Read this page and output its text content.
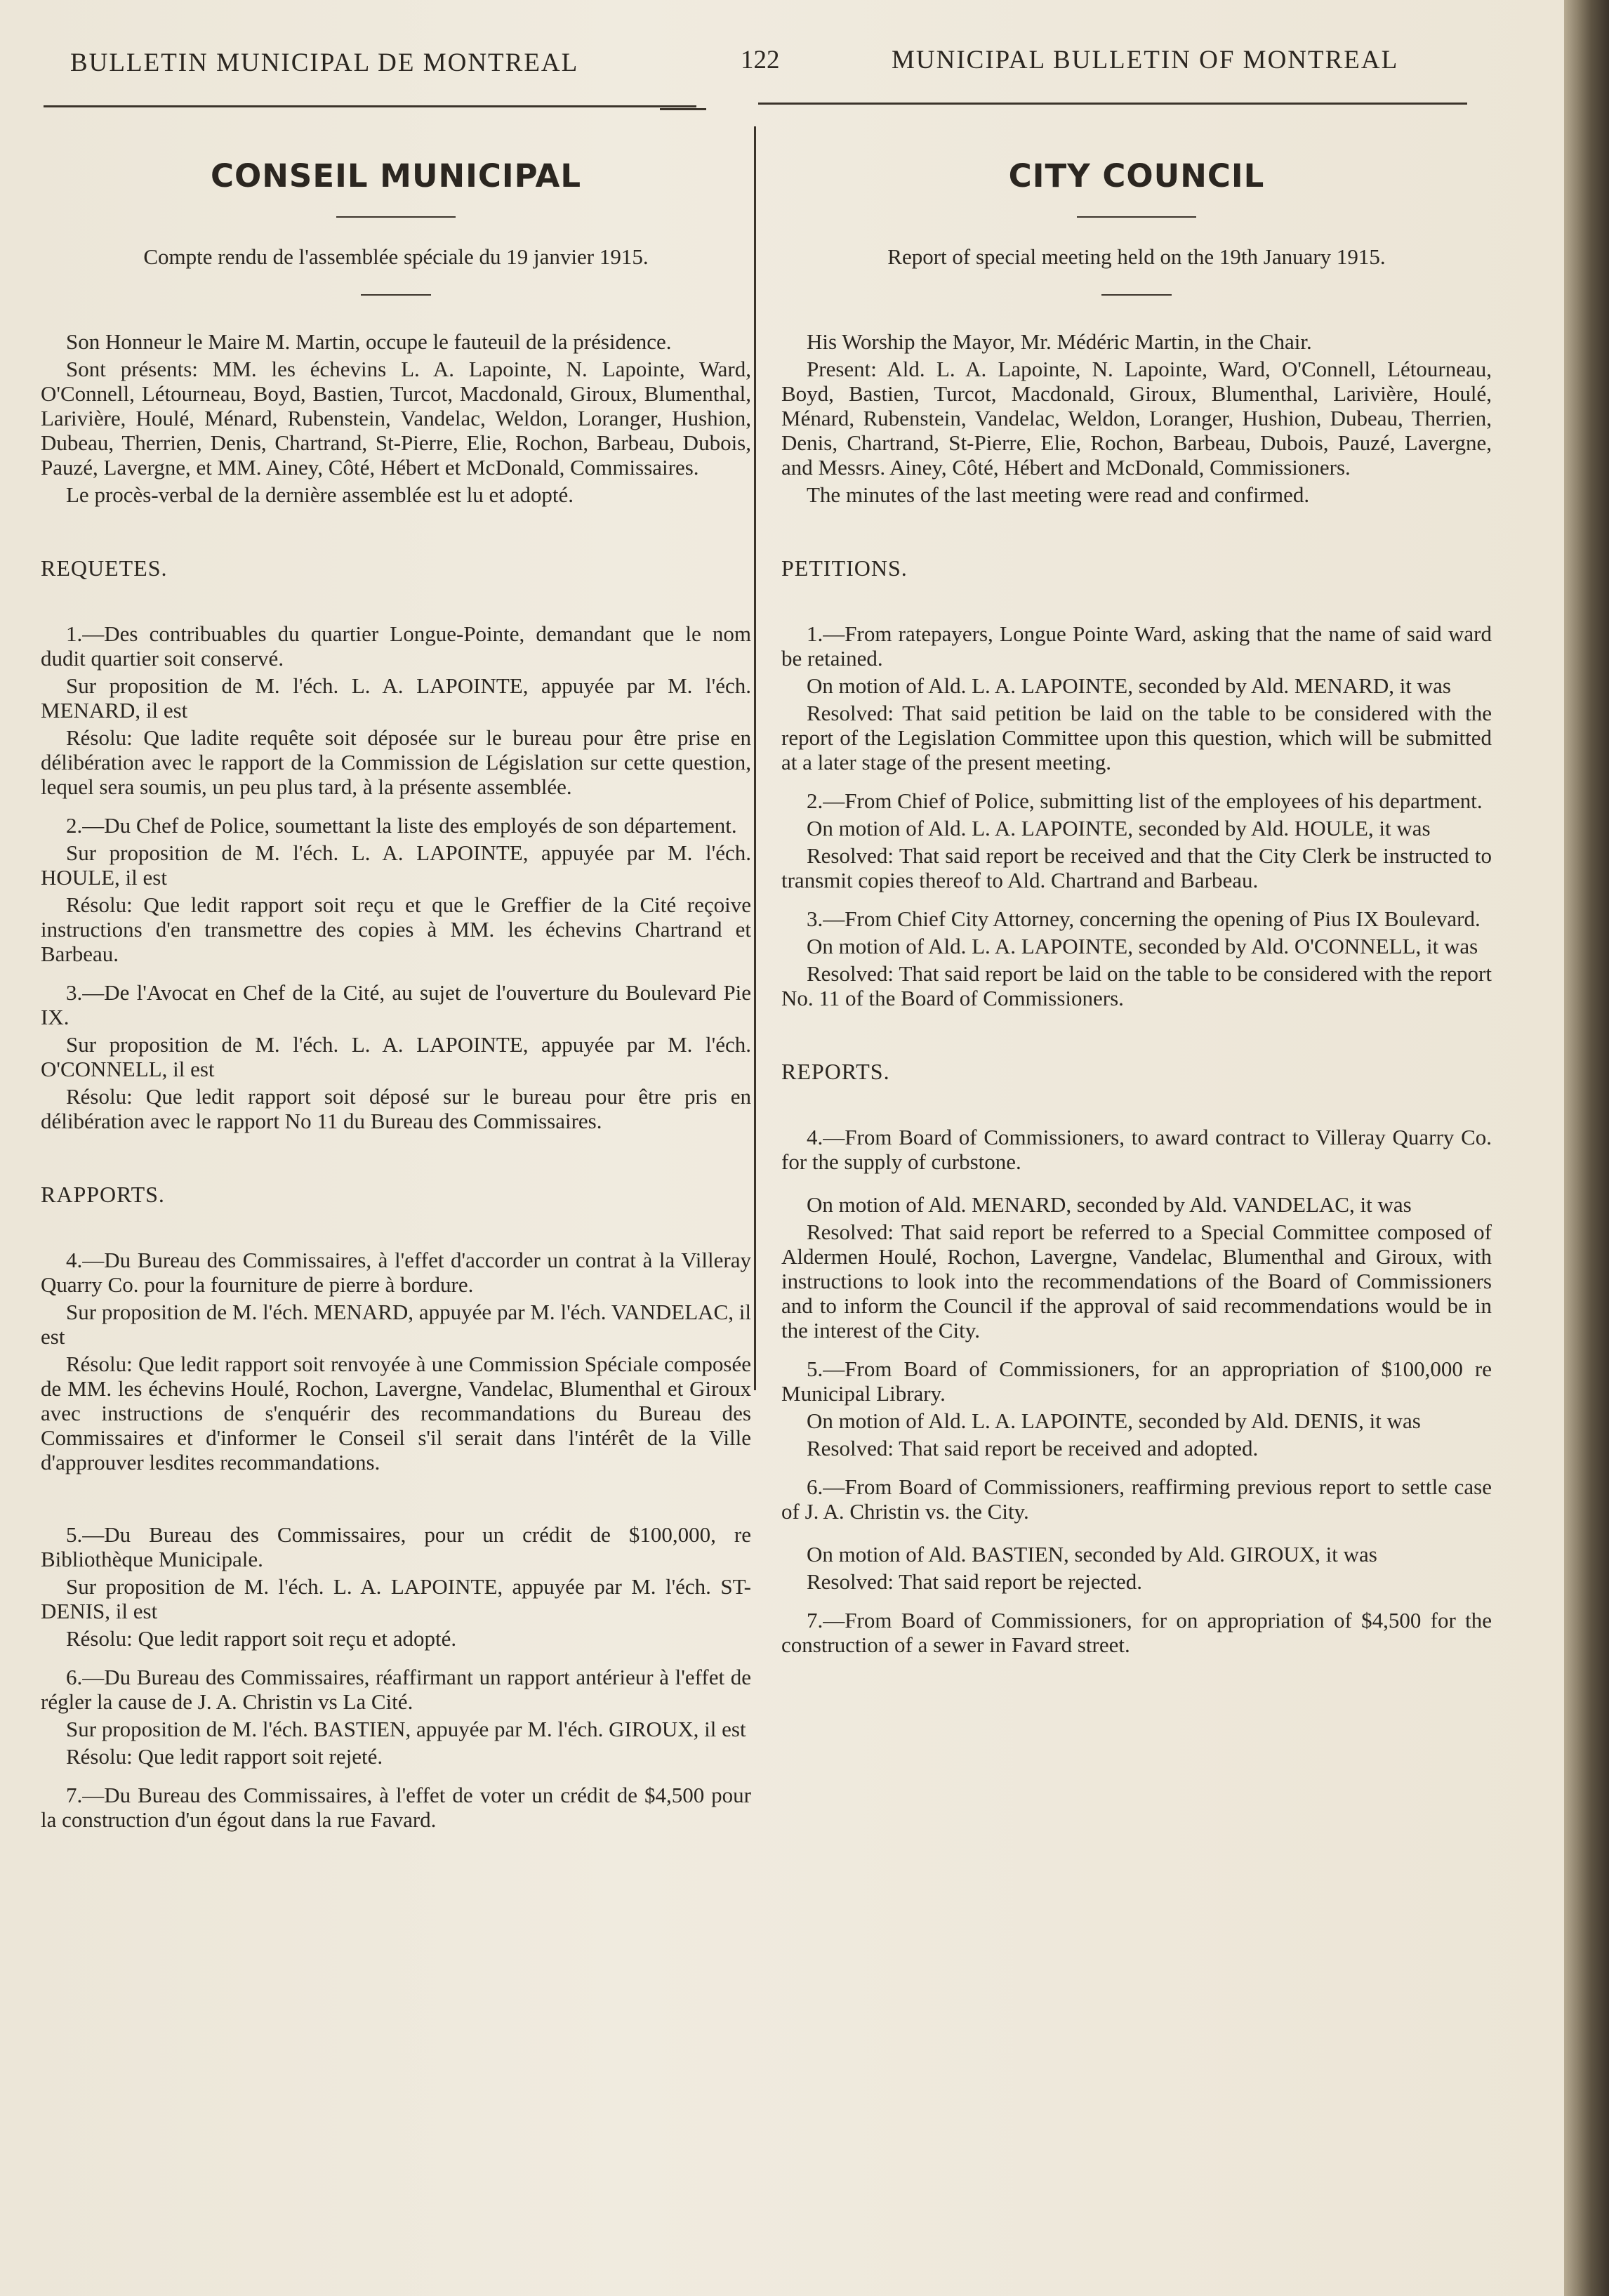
BULLETIN MUNICIPAL DE MONTREAL	122	MUNICIPAL BULLETIN OF MONTREAL
CONSEIL MUNICIPAL

Compte rendu de l'assemblée spéciale du 19 janvier 1915.

Son Honneur le Maire M. Martin, occupe le fauteuil de la présidence.

Sont présents: MM. les échevins L. A. Lapointe, N. Lapointe, Ward, O'Connell, Létourneau, Boyd, Bastien, Turcot, Macdonald, Giroux, Blumenthal, Larivière, Houlé, Ménard, Rubenstein, Vandelac, Weldon, Loranger, Hushion, Dubeau, Therrien, Denis, Chartrand, St-Pierre, Elie, Rochon, Barbeau, Dubois, Pauzé, Lavergne, et MM. Ainey, Côté, Hébert et McDonald, Commissaires.

Le procès-verbal de la dernière assemblée est lu et adopté.

REQUETES.

1.—Des contribuables du quartier Longue-Pointe, demandant que le nom dudit quartier soit conservé.

Sur proposition de M. l'éch. L. A. LAPOINTE, appuyée par M. l'éch. MENARD, il est

Résolu: Que ladite requête soit déposée sur le bureau pour être prise en délibération avec le rapport de la Commission de Législation sur cette question, lequel sera soumis, un peu plus tard, à la présente assemblée.

2.—Du Chef de Police, soumettant la liste des employés de son département.

Sur proposition de M. l'éch. L. A. LAPOINTE, appuyée par M. l'éch. HOULE, il est

Résolu: Que ledit rapport soit reçu et que le Greffier de la Cité reçoive instructions d'en transmettre des copies à MM. les échevins Chartrand et Barbeau.

3.—De l'Avocat en Chef de la Cité, au sujet de l'ouverture du Boulevard Pie IX.

Sur proposition de M. l'éch. L. A. LAPOINTE, appuyée par M. l'éch. O'CONNELL, il est

Résolu: Que ledit rapport soit déposé sur le bureau pour être pris en délibération avec le rapport No 11 du Bureau des Commissaires.

RAPPORTS.

4.—Du Bureau des Commissaires, à l'effet d'accorder un contrat à la Villeray Quarry Co. pour la fourniture de pierre à bordure.

Sur proposition de M. l'éch. MENARD, appuyée par M. l'éch. VANDELAC, il est

Résolu: Que ledit rapport soit renvoyée à une Commission Spéciale composée de MM. les échevins Houlé, Rochon, Lavergne, Vandelac, Blumenthal et Giroux avec instructions de s'enquérir des recommandations du Bureau des Commissaires et d'informer le Conseil s'il serait dans l'intérêt de la Ville d'approuver lesdites recommandations.

5.—Du Bureau des Commissaires, pour un crédit de $100,000, re Bibliothèque Municipale.

Sur proposition de M. l'éch. L. A. LAPOINTE, appuyée par M. l'éch. ST-DENIS, il est

Résolu: Que ledit rapport soit reçu et adopté.

6.—Du Bureau des Commissaires, réaffirmant un rapport antérieur à l'effet de régler la cause de J. A. Christin vs La Cité.

Sur proposition de M. l'éch. BASTIEN, appuyée par M. l'éch. GIROUX, il est

Résolu: Que ledit rapport soit rejeté.

7.—Du Bureau des Commissaires, à l'effet de voter un crédit de $4,500 pour la construction d'un égout dans la rue Favard.

CITY COUNCIL

Report of special meeting held on the 19th January 1915.

His Worship the Mayor, Mr. Médéric Martin, in the Chair.

Present: Ald. L. A. Lapointe, N. Lapointe, Ward, O'Connell, Létourneau, Boyd, Bastien, Turcot, Macdonald, Giroux, Blumenthal, Larivière, Houlé, Ménard, Rubenstein, Vandelac, Weldon, Loranger, Hushion, Dubeau, Therrien, Denis, Chartrand, St-Pierre, Elie, Rochon, Barbeau, Dubois, Pauzé, Lavergne, and Messrs. Ainey, Côté, Hébert and McDonald, Commissioners.

The minutes of the last meeting were read and confirmed.

PETITIONS.

1.—From ratepayers, Longue Pointe Ward, asking that the name of said ward be retained.

On motion of Ald. L. A. LAPOINTE, seconded by Ald. MENARD, it was

Resolved: That said petition be laid on the table to be considered with the report of the Legislation Committee upon this question, which will be submitted at a later stage of the present meeting.

2.—From Chief of Police, submitting list of the employees of his department.

On motion of Ald. L. A. LAPOINTE, seconded by Ald. HOULE, it was

Resolved: That said report be received and that the City Clerk be instructed to transmit copies thereof to Ald. Chartrand and Barbeau.

3.—From Chief City Attorney, concerning the opening of Pius IX Boulevard.

On motion of Ald. L. A. LAPOINTE, seconded by Ald. O'CONNELL, it was

Resolved: That said report be laid on the table to be considered with the report No. 11 of the Board of Commissioners.

REPORTS.

4.—From Board of Commissioners, to award contract to Villeray Quarry Co. for the supply of curbstone.

On motion of Ald. MENARD, seconded by Ald. VANDELAC, it was

Resolved: That said report be referred to a Special Committee composed of Aldermen Houlé, Rochon, Lavergne, Vandelac, Blumenthal and Giroux, with instructions to look into the recommendations of the Board of Commissioners and to inform the Council if the approval of said recommendations would be in the interest of the City.

5.—From Board of Commissioners, for an appropriation of $100,000 re Municipal Library.

On motion of Ald. L. A. LAPOINTE, seconded by Ald. DENIS, it was

Resolved: That said report be received and adopted.

6.—From Board of Commissioners, reaffirming previous report to settle case of J. A. Christin vs. the City.

On motion of Ald. BASTIEN, seconded by Ald. GIROUX, it was

Resolved: That said report be rejected.

7.—From Board of Commissioners, for on appropriation of $4,500 for the construction of a sewer in Favard street.
